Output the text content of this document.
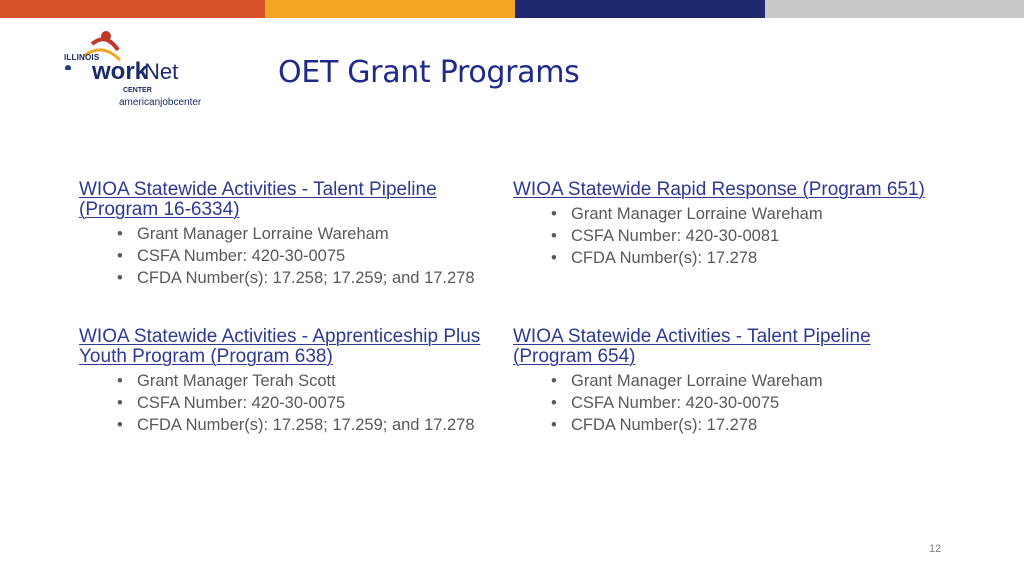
ILLINOIS
work
Net
CENTER
americanjobcenter
OET Grant Programs

WIOA Statewide Activities - Talent Pipeline (Program 16-6334)

• Grant Manager Lorraine Wareham
• CSFA Number: 420-30-0075
• CFDA Number(s): 17.258; 17.259; and 17.278

WIOA Statewide Rapid Response (Program 651)

• Grant Manager Lorraine Wareham
• CSFA Number: 420-30-0081
• CFDA Number(s): 17.278

WIOA Statewide Activities - Apprenticeship Plus Youth Program (Program 638)

• Grant Manager Terah Scott
• CSFA Number: 420-30-0075
• CFDA Number(s): 17.258; 17.259; and 17.278

WIOA Statewide Activities - Talent Pipeline (Program 654)

• Grant Manager Lorraine Wareham
• CSFA Number: 420-30-0075
• CFDA Number(s): 17.278
12
